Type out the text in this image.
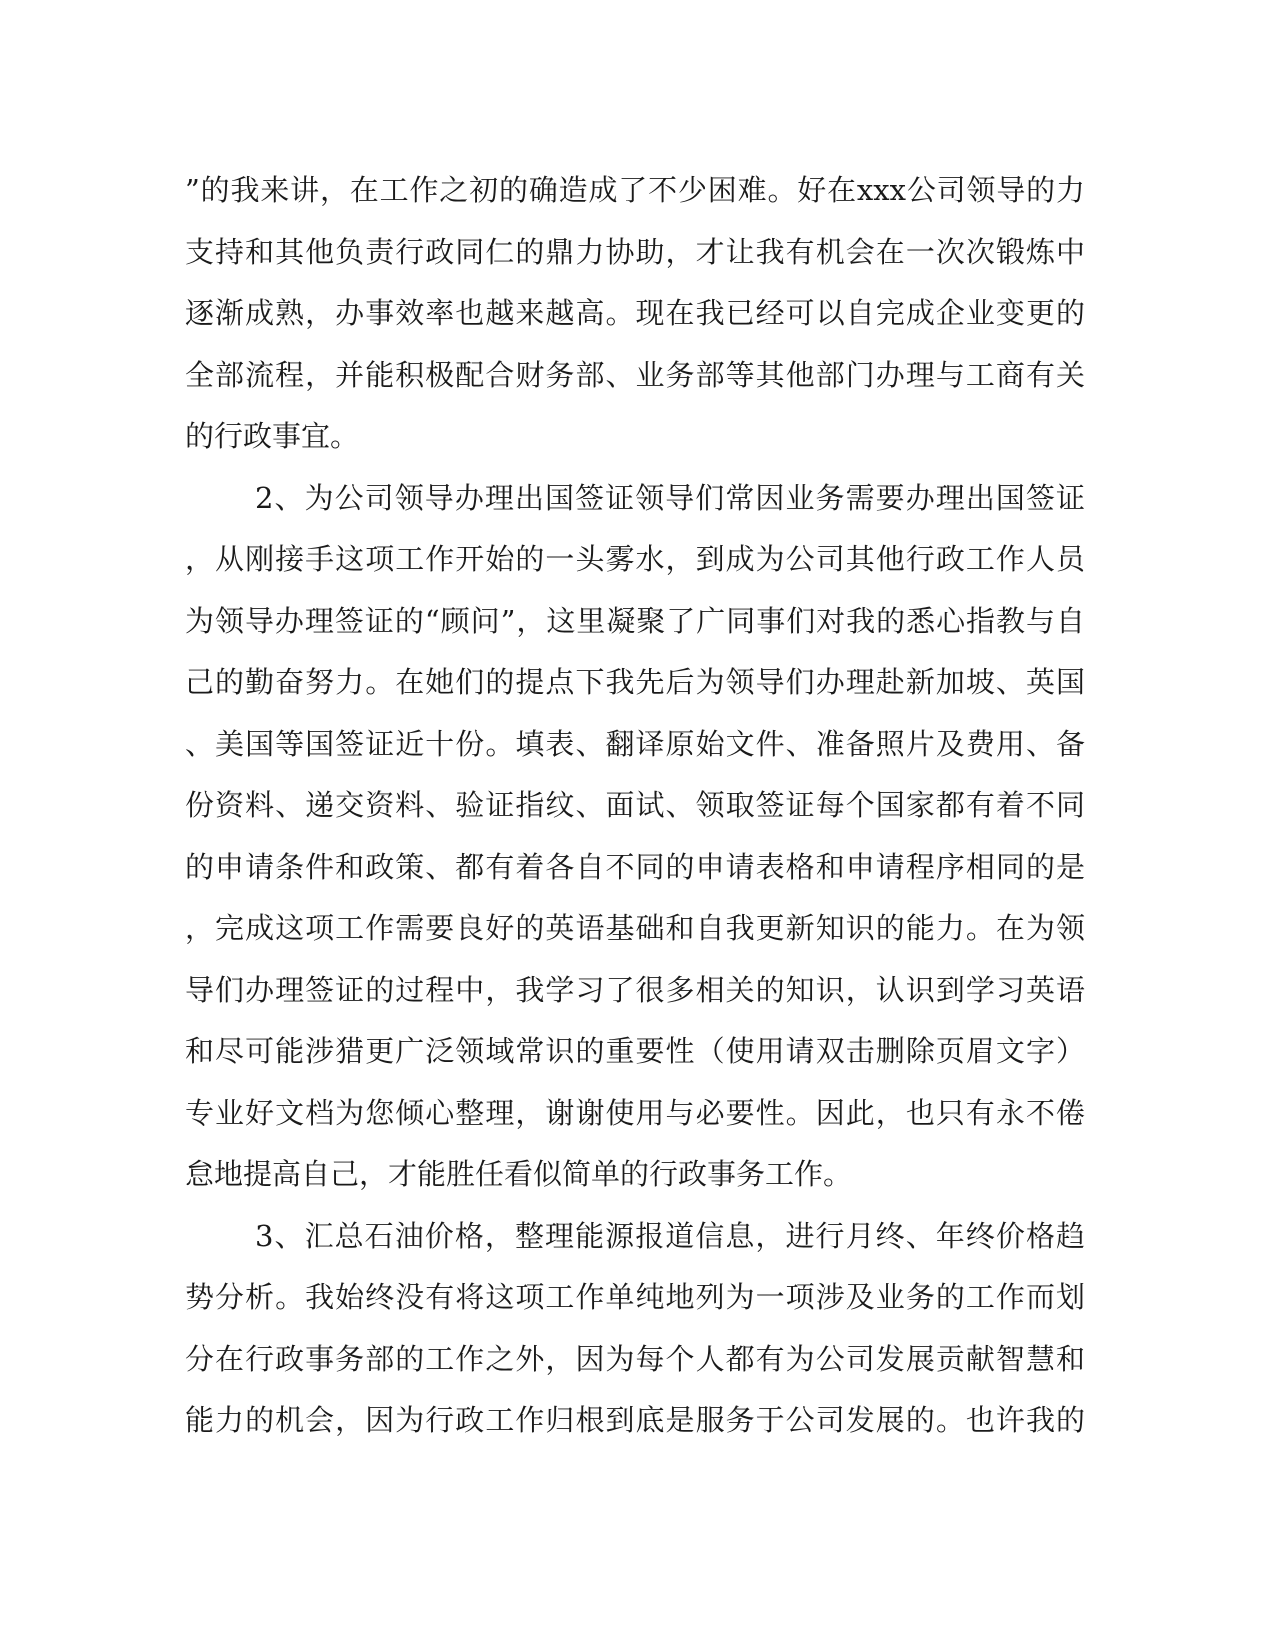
”的我来讲，在工作之初的确造成了不少困难。好在xxx公司领导的力
支持和其他负责行政同仁的鼎力协助，才让我有机会在一次次锻炼中
逐渐成熟，办事效率也越来越高。现在我已经可以自完成企业变更的
全部流程，并能积极配合财务部、业务部等其他部门办理与工商有关
的行政事宜。
2、为公司领导办理出国签证领导们常因业务需要办理出国签证
，从刚接手这项工作开始的一头雾水，到成为公司其他行政工作人员
为领导办理签证的“顾问”，这里凝聚了广同事们对我的悉心指教与自
己的勤奋努力。在她们的提点下我先后为领导们办理赴新加坡、英国
、美国等国签证近十份。填表、翻译原始文件、准备照片及费用、备
份资料、递交资料、验证指纹、面试、领取签证每个国家都有着不同
的申请条件和政策、都有着各自不同的申请表格和申请程序相同的是
，完成这项工作需要良好的英语基础和自我更新知识的能力。在为领
导们办理签证的过程中，我学习了很多相关的知识，认识到学习英语
和尽可能涉猎更广泛领域常识的重要性（使用请双击删除页眉文字）
专业好文档为您倾心整理，谢谢使用与必要性。因此，也只有永不倦
怠地提高自己，才能胜任看似简单的行政事务工作。
3、汇总石油价格，整理能源报道信息，进行月终、年终价格趋
势分析。我始终没有将这项工作单纯地列为一项涉及业务的工作而划
分在行政事务部的工作之外，因为每个人都有为公司发展贡献智慧和
能力的机会，因为行政工作归根到底是服务于公司发展的。也许我的
